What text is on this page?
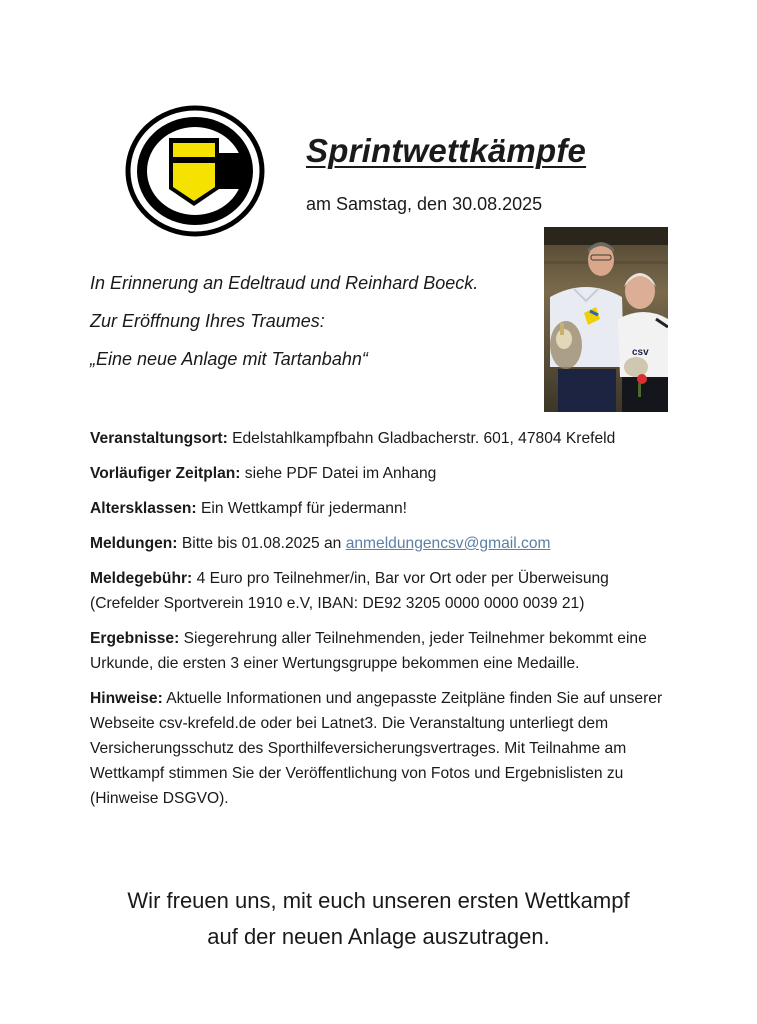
Sprintwettkämpfe
am Samstag, den 30.08.2025
csv
In Erinnerung an Edeltraud und Reinhard Boeck.
Zur Eröffnung Ihres Traumes:
„Eine neue Anlage mit Tartanbahn“

Veranstaltungsort: Edelstahlkampfbahn Gladbacherstr. 601, 47804 Krefeld

Vorläufiger Zeitplan: siehe PDF Datei im Anhang

Altersklassen: Ein Wettkampf für jedermann!

Meldungen: Bitte bis 01.08.2025 an anmeldungencsv@gmail.com

Meldegebühr: 4 Euro pro Teilnehmer/in, Bar vor Ort oder per Überweisung (Crefelder Sportverein 1910 e.V, IBAN: DE92 3205 0000 0000 0039 21)

Ergebnisse: Siegerehrung aller Teilnehmenden, jeder Teilnehmer bekommt eine Urkunde, die ersten 3 einer Wertungsgruppe bekommen eine Medaille.

Hinweise: Aktuelle Informationen und angepasste Zeitpläne finden Sie auf unserer Webseite csv-krefeld.de oder bei Latnet3. Die Veranstaltung unterliegt dem Versicherungsschutz des Sporthilfeversicherungsvertrages. Mit Teilnahme am Wettkampf stimmen Sie der Veröffentlichung von Fotos und Ergebnislisten zu (Hinweise DSGVO).

Wir freuen uns, mit euch unseren ersten Wettkampf
auf der neuen Anlage auszutragen.
